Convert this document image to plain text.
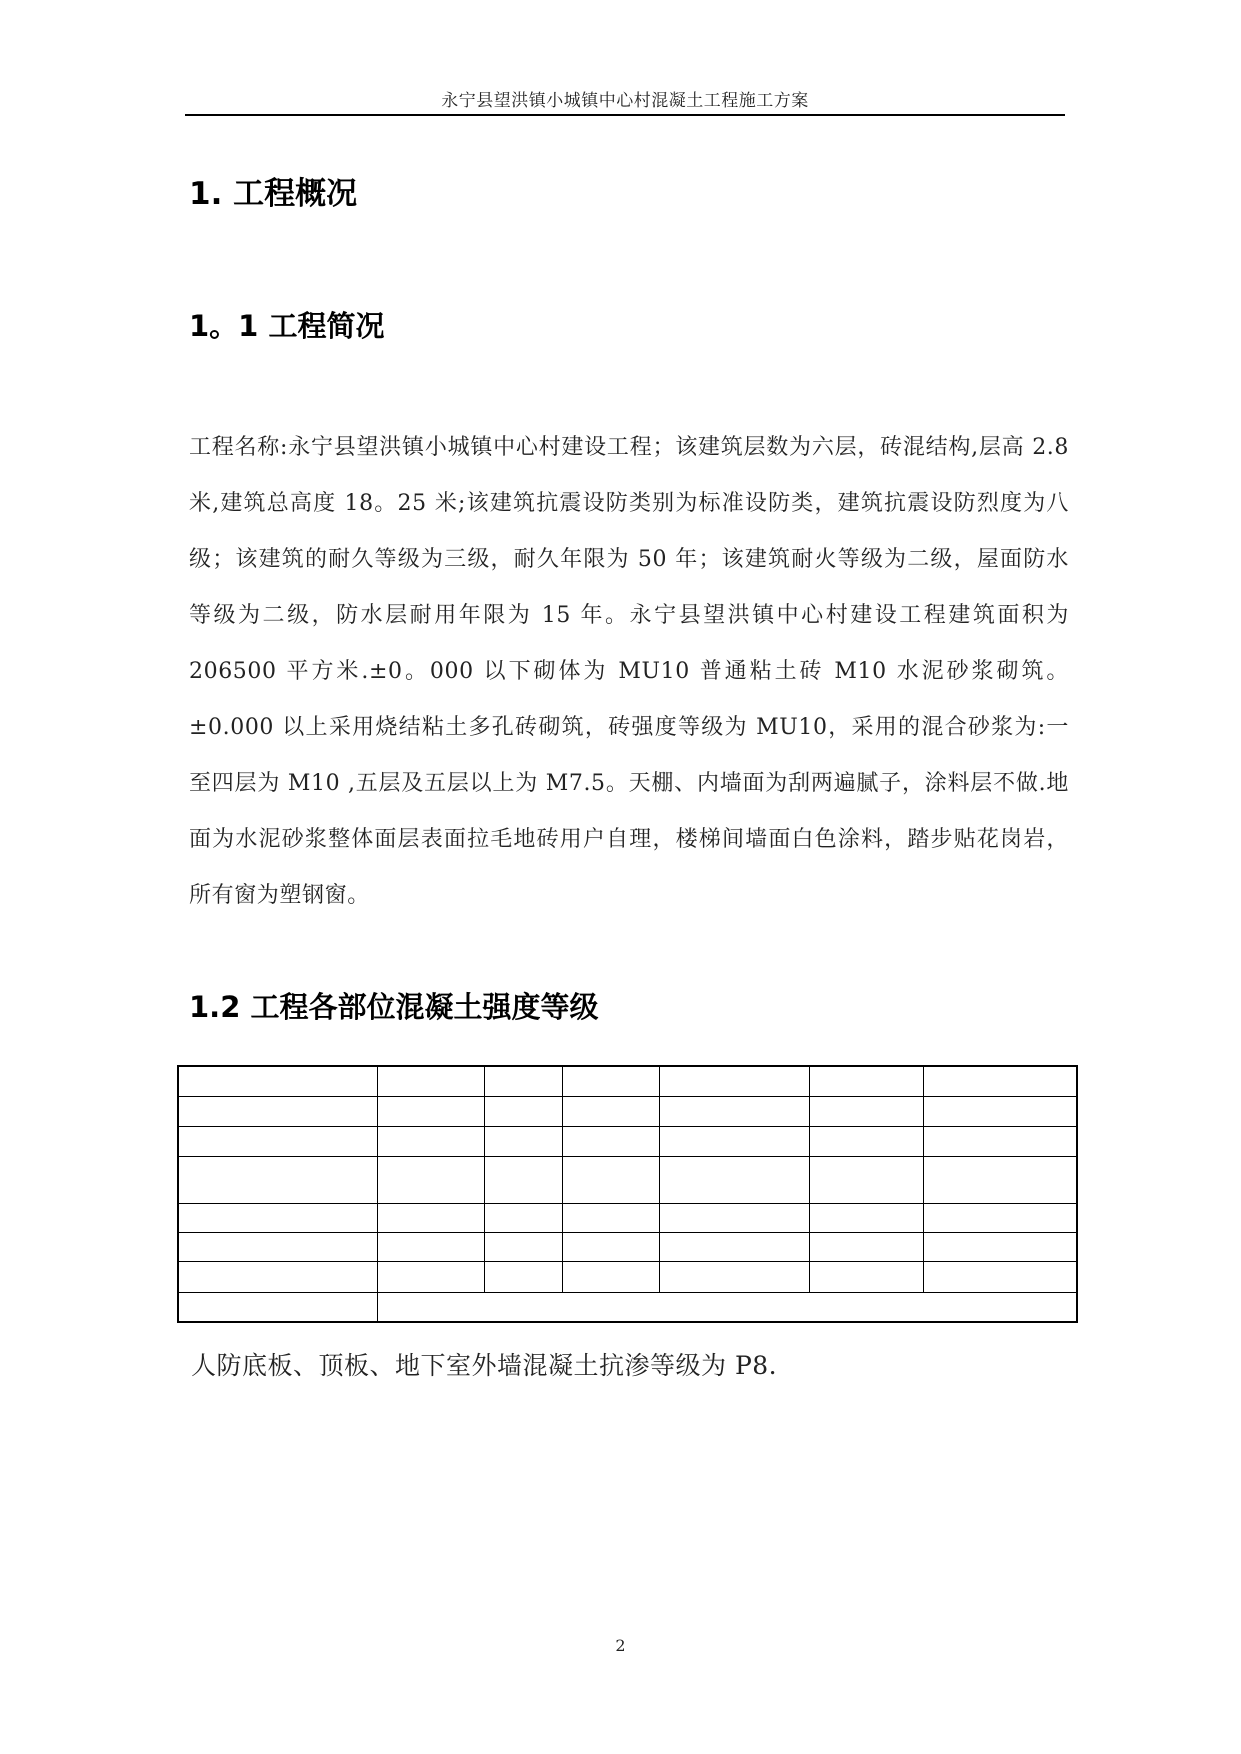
永宁县望洪镇小城镇中心村混凝土工程施工方案
1. 工程概况
1。1 工程简况

工程名称:永宁县望洪镇小城镇中心村建设工程；该建筑层数为六层，砖混结构,层高 2.8 米,建筑总高度 18。25 米;该建筑抗震设防类别为标准设防类，建筑抗震设防烈度为八级；该建筑的耐久等级为三级，耐久年限为 50 年；该建筑耐火等级为二级，屋面防水等级为二级，防水层耐用年限为 15 年。永宁县望洪镇中心村建设工程建筑面积为 206500 平方米.±0。000 以下砌体为 MU10 普通粘土砖 M10 水泥砂浆砌筑。±0.000 以上采用烧结粘土多孔砖砌筑，砖强度等级为 MU10，采用的混合砂浆为:一至四层为 M10 ,五层及五层以上为 M7.5。天棚、内墙面为刮两遍腻子，涂料层不做.地面为水泥砂浆整体面层表面拉毛地砖用户自理，楼梯间墙面白色涂料，踏步贴花岗岩，所有窗为塑钢窗。

1.2 工程各部位混凝土强度等级

人防底板、顶板、地下室外墙混凝土抗渗等级为 P8.

2
